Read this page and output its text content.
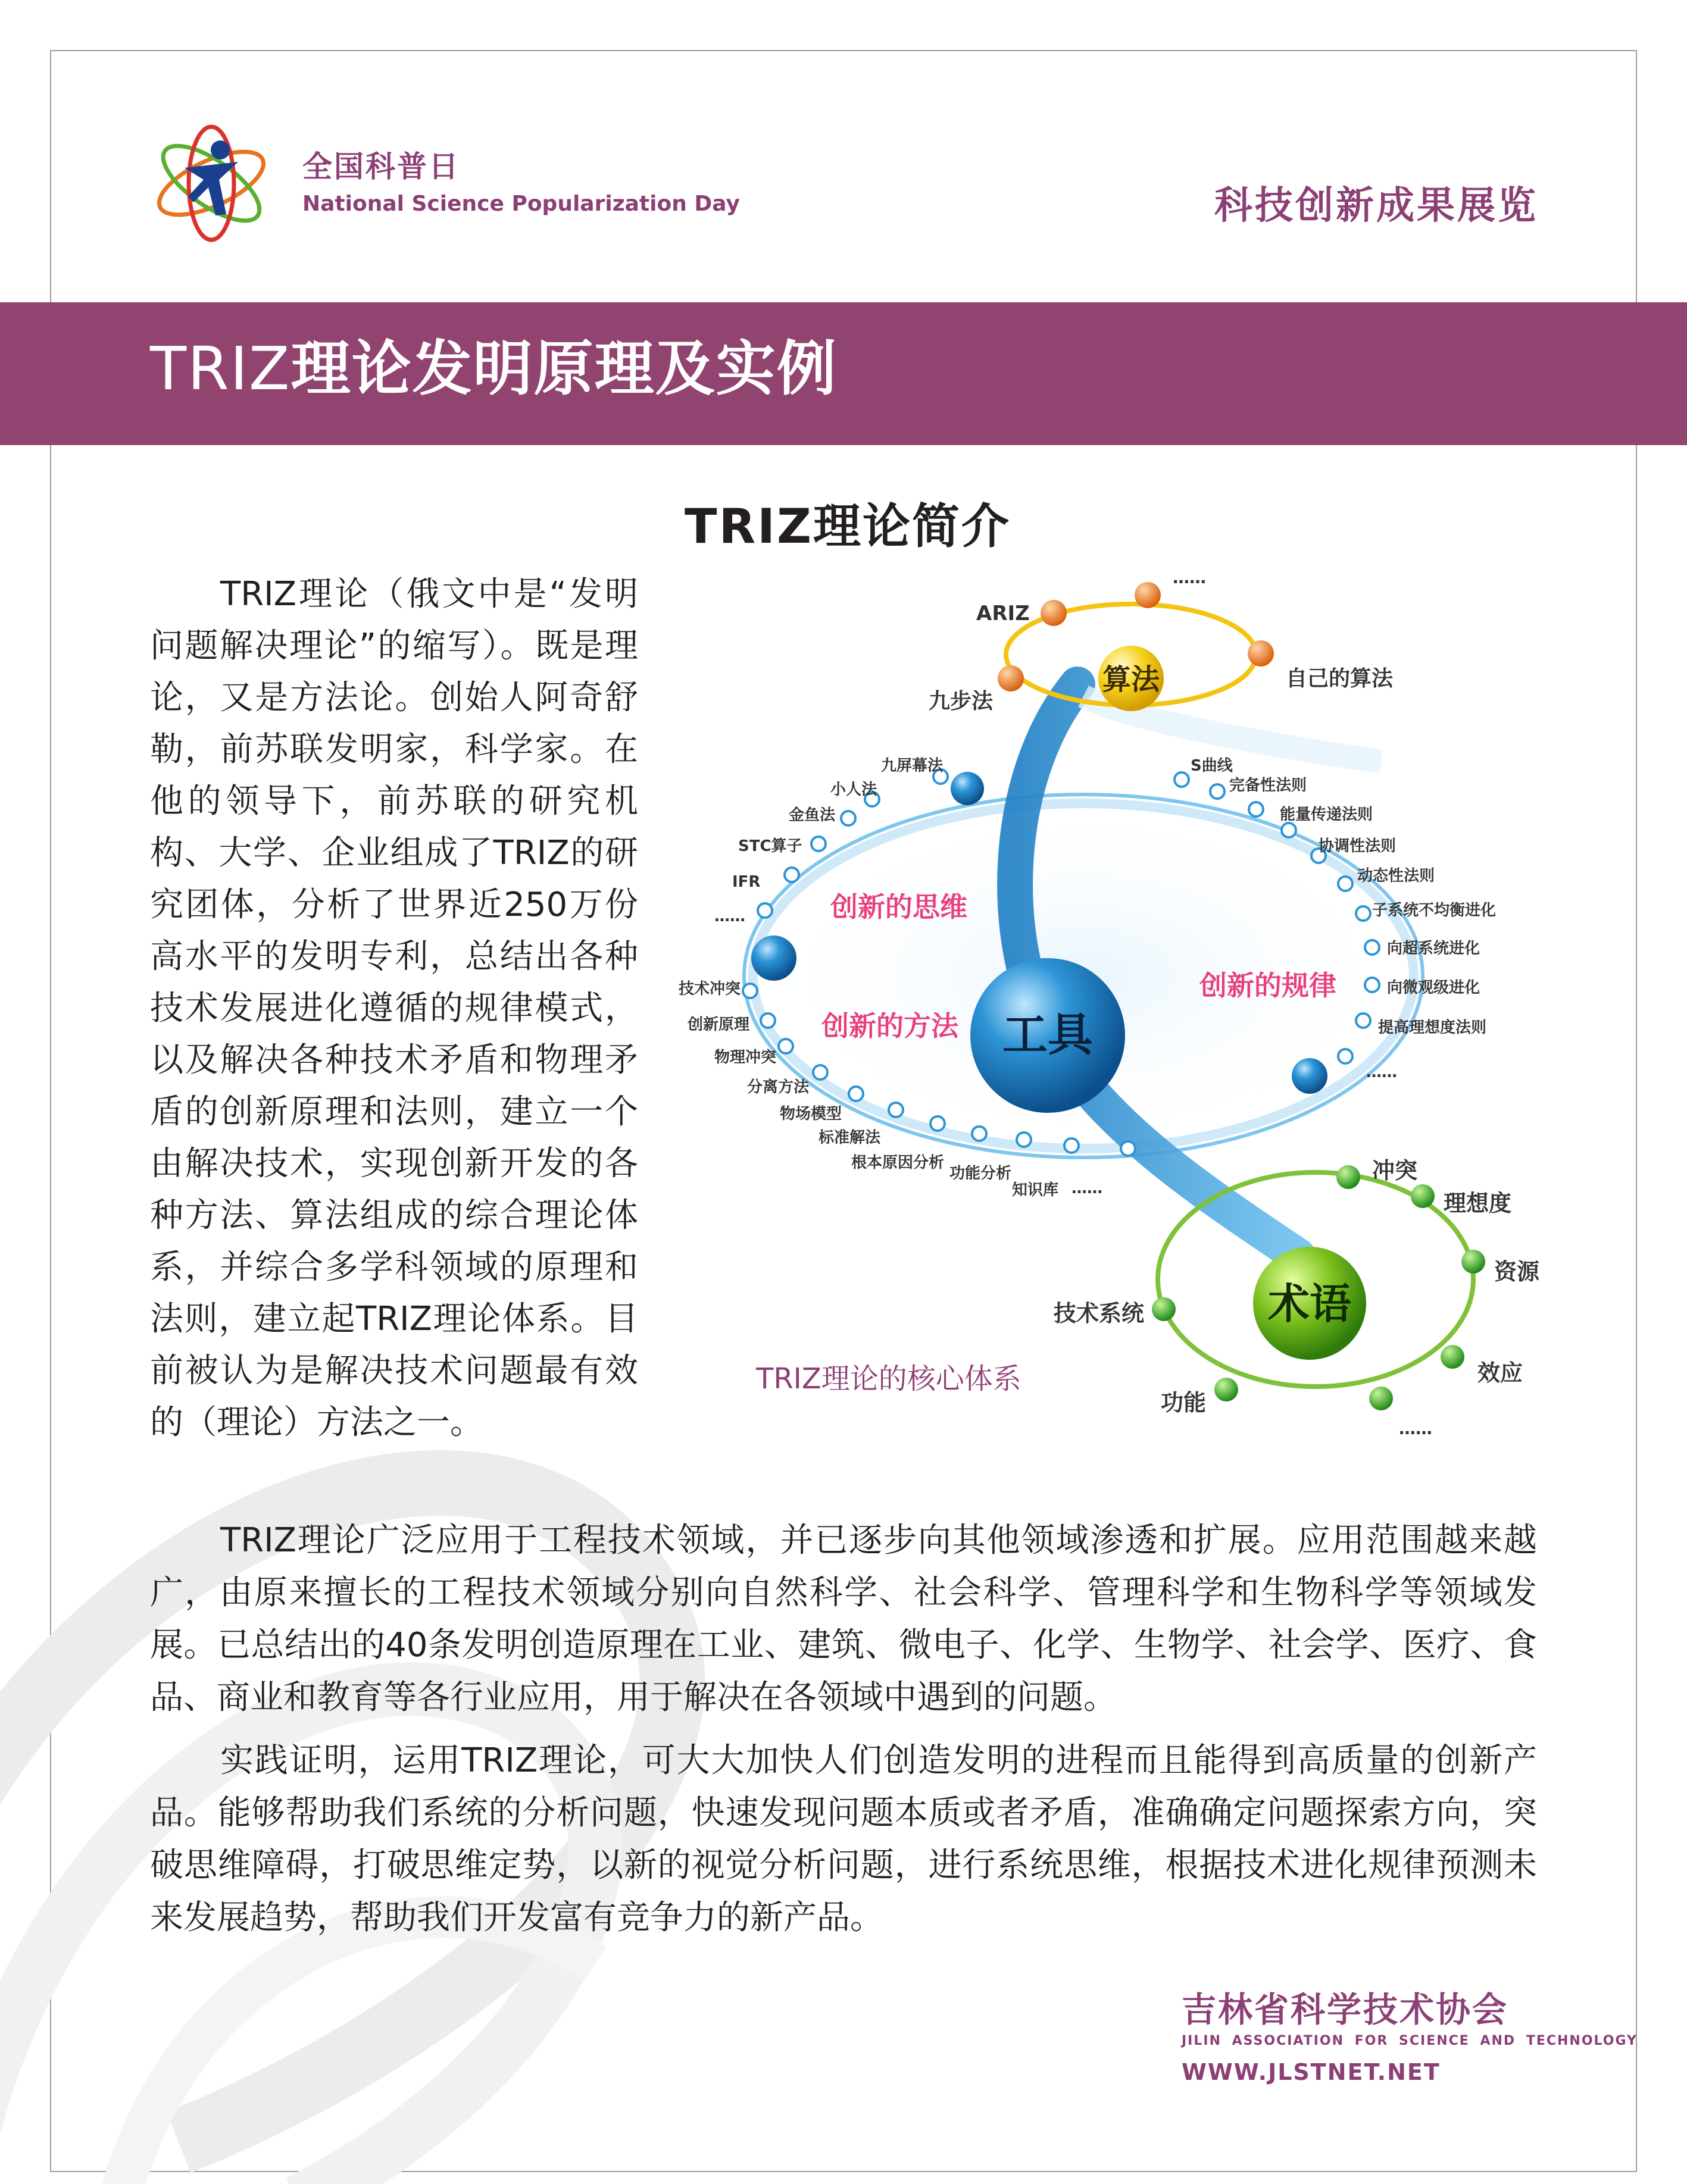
全国科普日
National Science Popularization Day	科技创新成果展览
TRIZ理论发明原理及实例
TRIZ理论简介

TRIZ理论（俄文中是“发明问题解决理论”的缩写）。既是理论，又是方法论。创始人阿奇舒勒，前苏联发明家，科学家。在他的领导下，前苏联的研究机构、大学、企业组成了TRIZ的研究团体，分析了世界近250万份高水平的发明专利，总结出各种技术发展进化遵循的规律模式，以及解决各种技术矛盾和物理矛盾的创新原理和法则，建立一个由解决技术，实现创新开发的各种方法、算法组成的综合理论体系，并综合多学科领域的原理和法则，建立起TRIZ理论体系。目前被认为是解决技术问题最有效的（理论）方法之一。

算法
ARIZ
……
自己的算法
九步法
工具
创新的思维
创新的方法
创新的规律
九屏幕法
小人法
金鱼法
STC算子
IFR
……
技术冲突
创新原理
物理冲突
分离方法
物场模型
标准解法
根本原因分析
功能分析
知识库 ……
S曲线
完备性法则
能量传递法则
协调性法则
动态性法则
子系统不均衡进化
向超系统进化
向微观级进化
提高理想度法则
……
术语
冲突
理想度
资源
效应
……
功能
技术系统
TRIZ理论的核心体系

TRIZ理论广泛应用于工程技术领域，并已逐步向其他领域渗透和扩展。应用范围越来越广，由原来擅长的工程技术领域分别向自然科学、社会科学、管理科学和生物科学等领域发展。已总结出的40条发明创造原理在工业、建筑、微电子、化学、生物学、社会学、医疗、食品、商业和教育等各行业应用，用于解决在各领域中遇到的问题。

实践证明，运用TRIZ理论，可大大加快人们创造发明的进程而且能得到高质量的创新产品。能够帮助我们系统的分析问题，快速发现问题本质或者矛盾，准确确定问题探索方向，突破思维障碍，打破思维定势，以新的视觉分析问题，进行系统思维，根据技术进化规律预测未来发展趋势，帮助我们开发富有竞争力的新产品。

吉林省科学技术协会
JILIN ASSOCIATION FOR SCIENCE AND TECHNOLOGY
WWW.JLSTNET.NET
